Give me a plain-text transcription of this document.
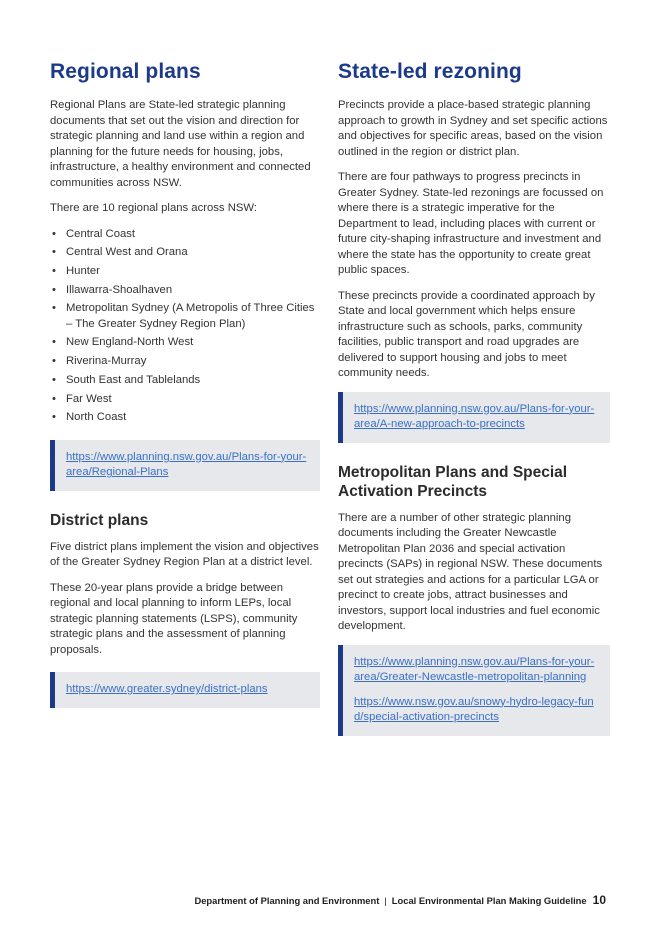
Regional plans

Regional Plans are State-led strategic planning documents that set out the vision and direction for strategic planning and land use within a region and planning for the future needs for housing, jobs, infrastructure, a healthy environment and connected communities across NSW.

There are 10 regional plans across NSW:

• Central Coast
• Central West and Orana
• Hunter
• Illawarra-Shoalhaven
• Metropolitan Sydney (A Metropolis of Three Cities – The Greater Sydney Region Plan)
• New England-North West
• Riverina-Murray
• South East and Tablelands
• Far West
• North Coast
https://www.planning.nsw.gov.au/Plans-for-your-area/Regional-Plans
District plans

Five district plans implement the vision and objectives of the Greater Sydney Region Plan at a district level.

These 20-year plans provide a bridge between regional and local planning to inform LEPs, local strategic planning statements (LSPS), community strategic plans and the assessment of planning proposals.

https://www.greater.sydney/district-plans
State-led rezoning

Precincts provide a place-based strategic planning approach to growth in Sydney and set specific actions and objectives for specific areas, based on the vision outlined in the region or district plan.

There are four pathways to progress precincts in Greater Sydney. State-led rezonings are focussed on where there is a strategic imperative for the Department to lead, including places with current or future city-shaping infrastructure and investment and where the state has the opportunity to create great public spaces.

These precincts provide a coordinated approach by State and local government which helps ensure infrastructure such as schools, parks, community facilities, public transport and road upgrades are delivered to support housing and jobs to meet community needs.

https://www.planning.nsw.gov.au/Plans-for-your-area/A-new-approach-to-precincts
Metropolitan Plans and Special Activation Precincts

There are a number of other strategic planning documents including the Greater Newcastle Metropolitan Plan 2036 and special activation precincts (SAPs) in regional NSW. These documents set out strategies and actions for a particular LGA or precinct to create jobs, attract businesses and investors, support local industries and fuel economic development.

https://www.planning.nsw.gov.au/Plans-for-your-area/Greater-Newcastle-metropolitan-planning
https://www.nsw.gov.au/snowy-hydro-legacy-fund/special-activation-precincts
Department of Planning and Environment | Local Environmental Plan Making Guideline 10
